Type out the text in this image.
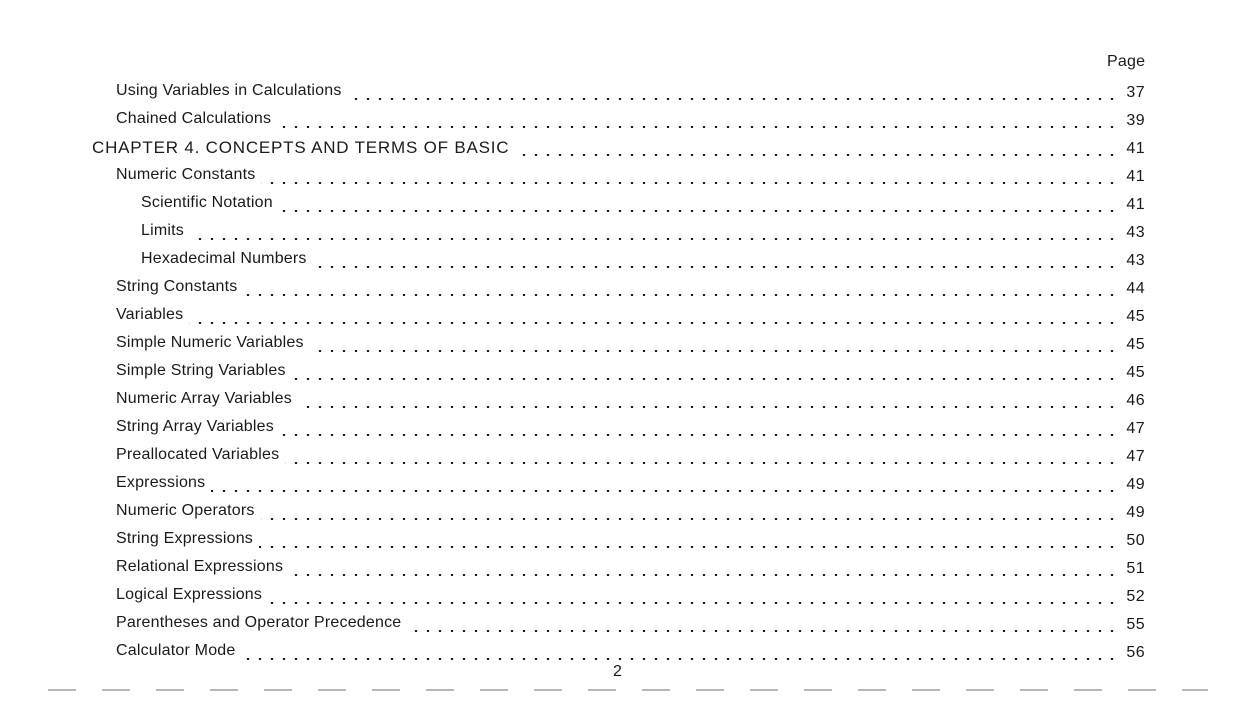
Page
Using Variables in Calculations	37
Chained Calculations	39
CHAPTER 4. CONCEPTS AND TERMS OF BASIC	41
Numeric Constants	41
Scientific Notation	41
Limits	43
Hexadecimal Numbers	43
String Constants	44
Variables	45
Simple Numeric Variables	45
Simple String Variables	45
Numeric Array Variables	46
String Array Variables	47
Preallocated Variables	47
Expressions	49
Numeric Operators	49
String Expressions	50
Relational Expressions	51
Logical Expressions	52
Parentheses and Operator Precedence	55
Calculator Mode	56
2
